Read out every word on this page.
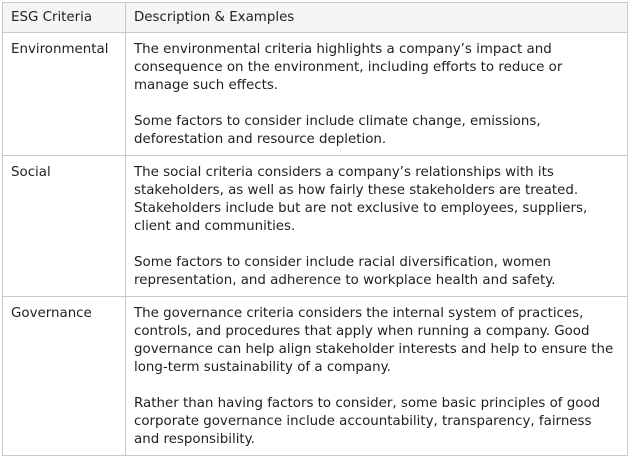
ESG Criteria	Description & Examples
Environmental	The environmental criteria highlights a company’s impact and consequence on the environment, including efforts to reduce or manage such effects.

Some factors to consider include climate change, emissions, deforestation and resource depletion.

Social	The social criteria considers a company’s relationships with its stakeholders, as well as how fairly these stakeholders are treated. Stakeholders include but are not exclusive to employees, suppliers, client and communities.

Some factors to consider include racial diversification, women representation, and adherence to workplace health and safety.

Governance	The governance criteria considers the internal system of practices, controls, and procedures that apply when running a company. Good governance can help align stakeholder interests and help to ensure the long-term sustainability of a company.

Rather than having factors to consider, some basic principles of good corporate governance include accountability, transparency, fairness and responsibility.
